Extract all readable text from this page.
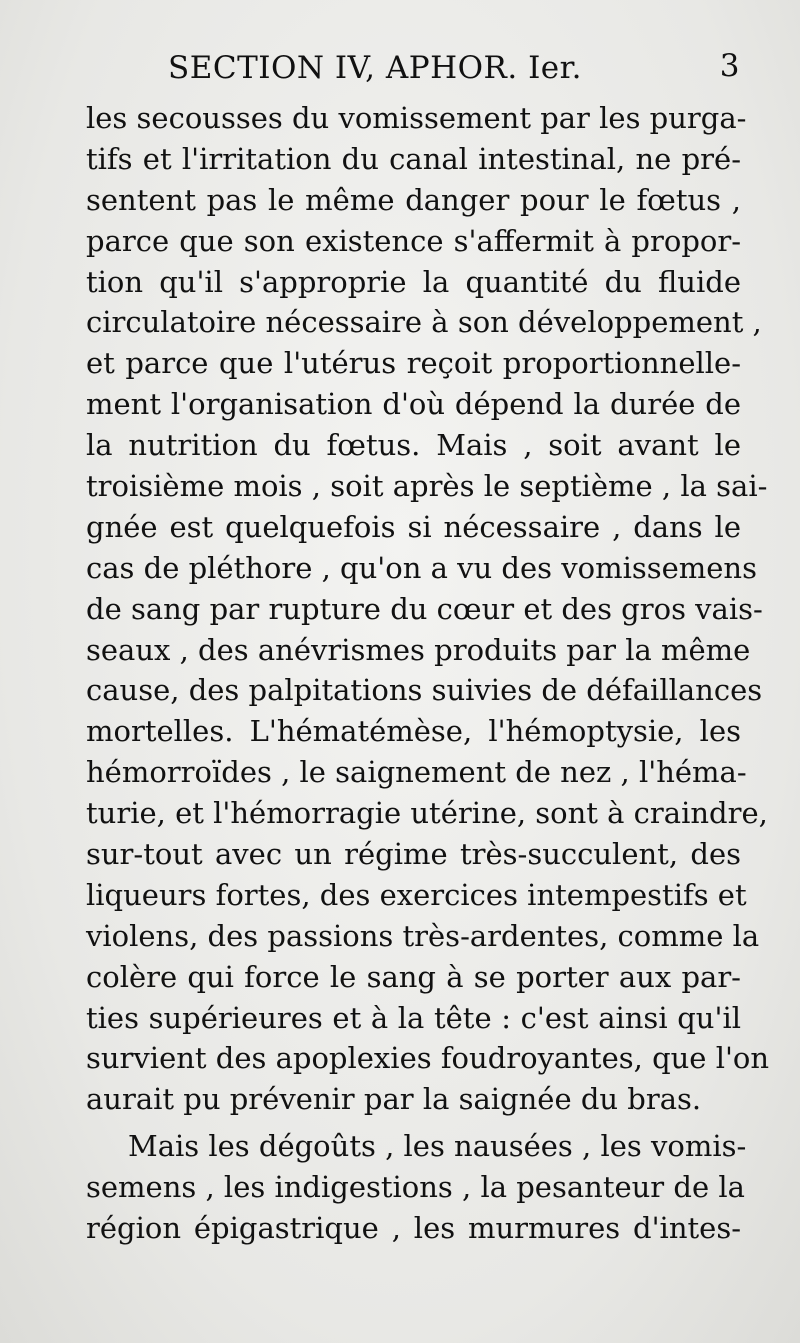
SECTION IV, APHOR. Ier.	3
les secousses du vomissement par les purga-
tifs et l'irritation du canal intestinal, ne pré-
sentent pas le même danger pour le fœtus ,
parce que son existence s'affermit à propor-
tion qu'il s'approprie la quantité du fluide
circulatoire nécessaire à son développement ,
et parce que l'utérus reçoit proportionnelle-
ment l'organisation d'où dépend la durée de
la nutrition du fœtus. Mais , soit avant le
troisième mois , soit après le septième , la sai-
gnée est quelquefois si nécessaire , dans le
cas de pléthore , qu'on a vu des vomissemens
de sang par rupture du cœur et des gros vais-
seaux , des anévrismes produits par la même
cause, des palpitations suivies de défaillances
mortelles. L'hématémèse, l'hémoptysie, les
hémorroïdes , le saignement de nez , l'héma-
turie, et l'hémorragie utérine, sont à craindre,
sur-tout avec un régime très-succulent, des
liqueurs fortes, des exercices intempestifs et
violens, des passions très-ardentes, comme la
colère qui force le sang à se porter aux par-
ties supérieures et à la tête : c'est ainsi qu'il
survient des apoplexies foudroyantes, que l'on
aurait pu prévenir par la saignée du bras.
Mais les dégoûts , les nausées , les vomis-
semens , les indigestions , la pesanteur de la
région épigastrique , les murmures d'intes-
